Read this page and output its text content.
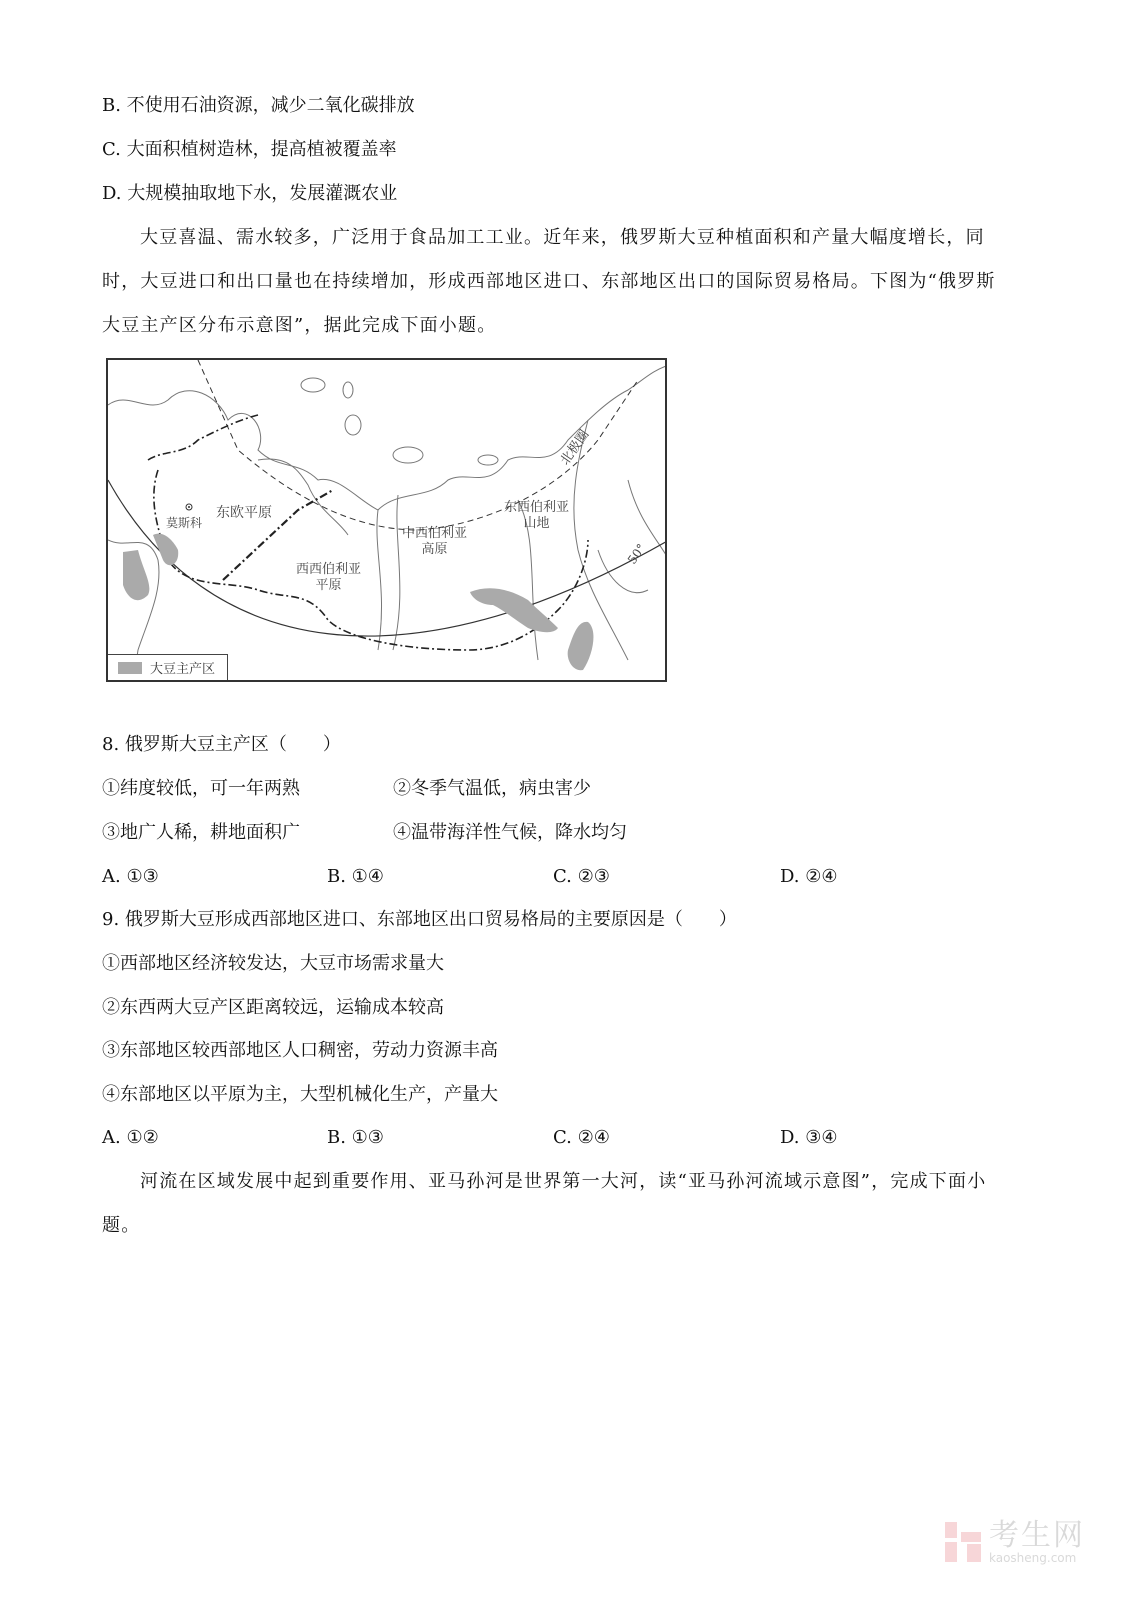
B. 不使用石油资源，减少二氧化碳排放
C. 大面积植树造林，提高植被覆盖率
D. 大规模抽取地下水，发展灌溉农业
大豆喜温、需水较多，广泛用于食品加工工业。近年来，俄罗斯大豆种植面积和产量大幅度增长，同时，大豆进口和出口量也在持续增加，形成西部地区进口、东部地区出口的国际贸易格局。下图为“俄罗斯大豆主产区分布示意图”，据此完成下面小题。
莫斯科
东欧平原
西西伯利亚
平原
中西伯利亚
高原
东西伯利亚
山地
北极圈
50°
大豆主产区
8. 俄罗斯大豆主产区（　　）
①纬度较低，可一年两熟	②冬季气温低，病虫害少
③地广人稀，耕地面积广	④温带海洋性气候，降水均匀
A. ①③	B. ①④	C. ②③	D. ②④
9. 俄罗斯大豆形成西部地区进口、东部地区出口贸易格局的主要原因是（　　）
①西部地区经济较发达，大豆市场需求量大
②东西两大豆产区距离较远，运输成本较高
③东部地区较西部地区人口稠密，劳动力资源丰高
④东部地区以平原为主，大型机械化生产，产量大
A. ①②	B. ①③	C. ②④	D. ③④
河流在区域发展中起到重要作用、亚马孙河是世界第一大河，读“亚马孙河流域示意图”，完成下面小题。
考生网
kaosheng.com
